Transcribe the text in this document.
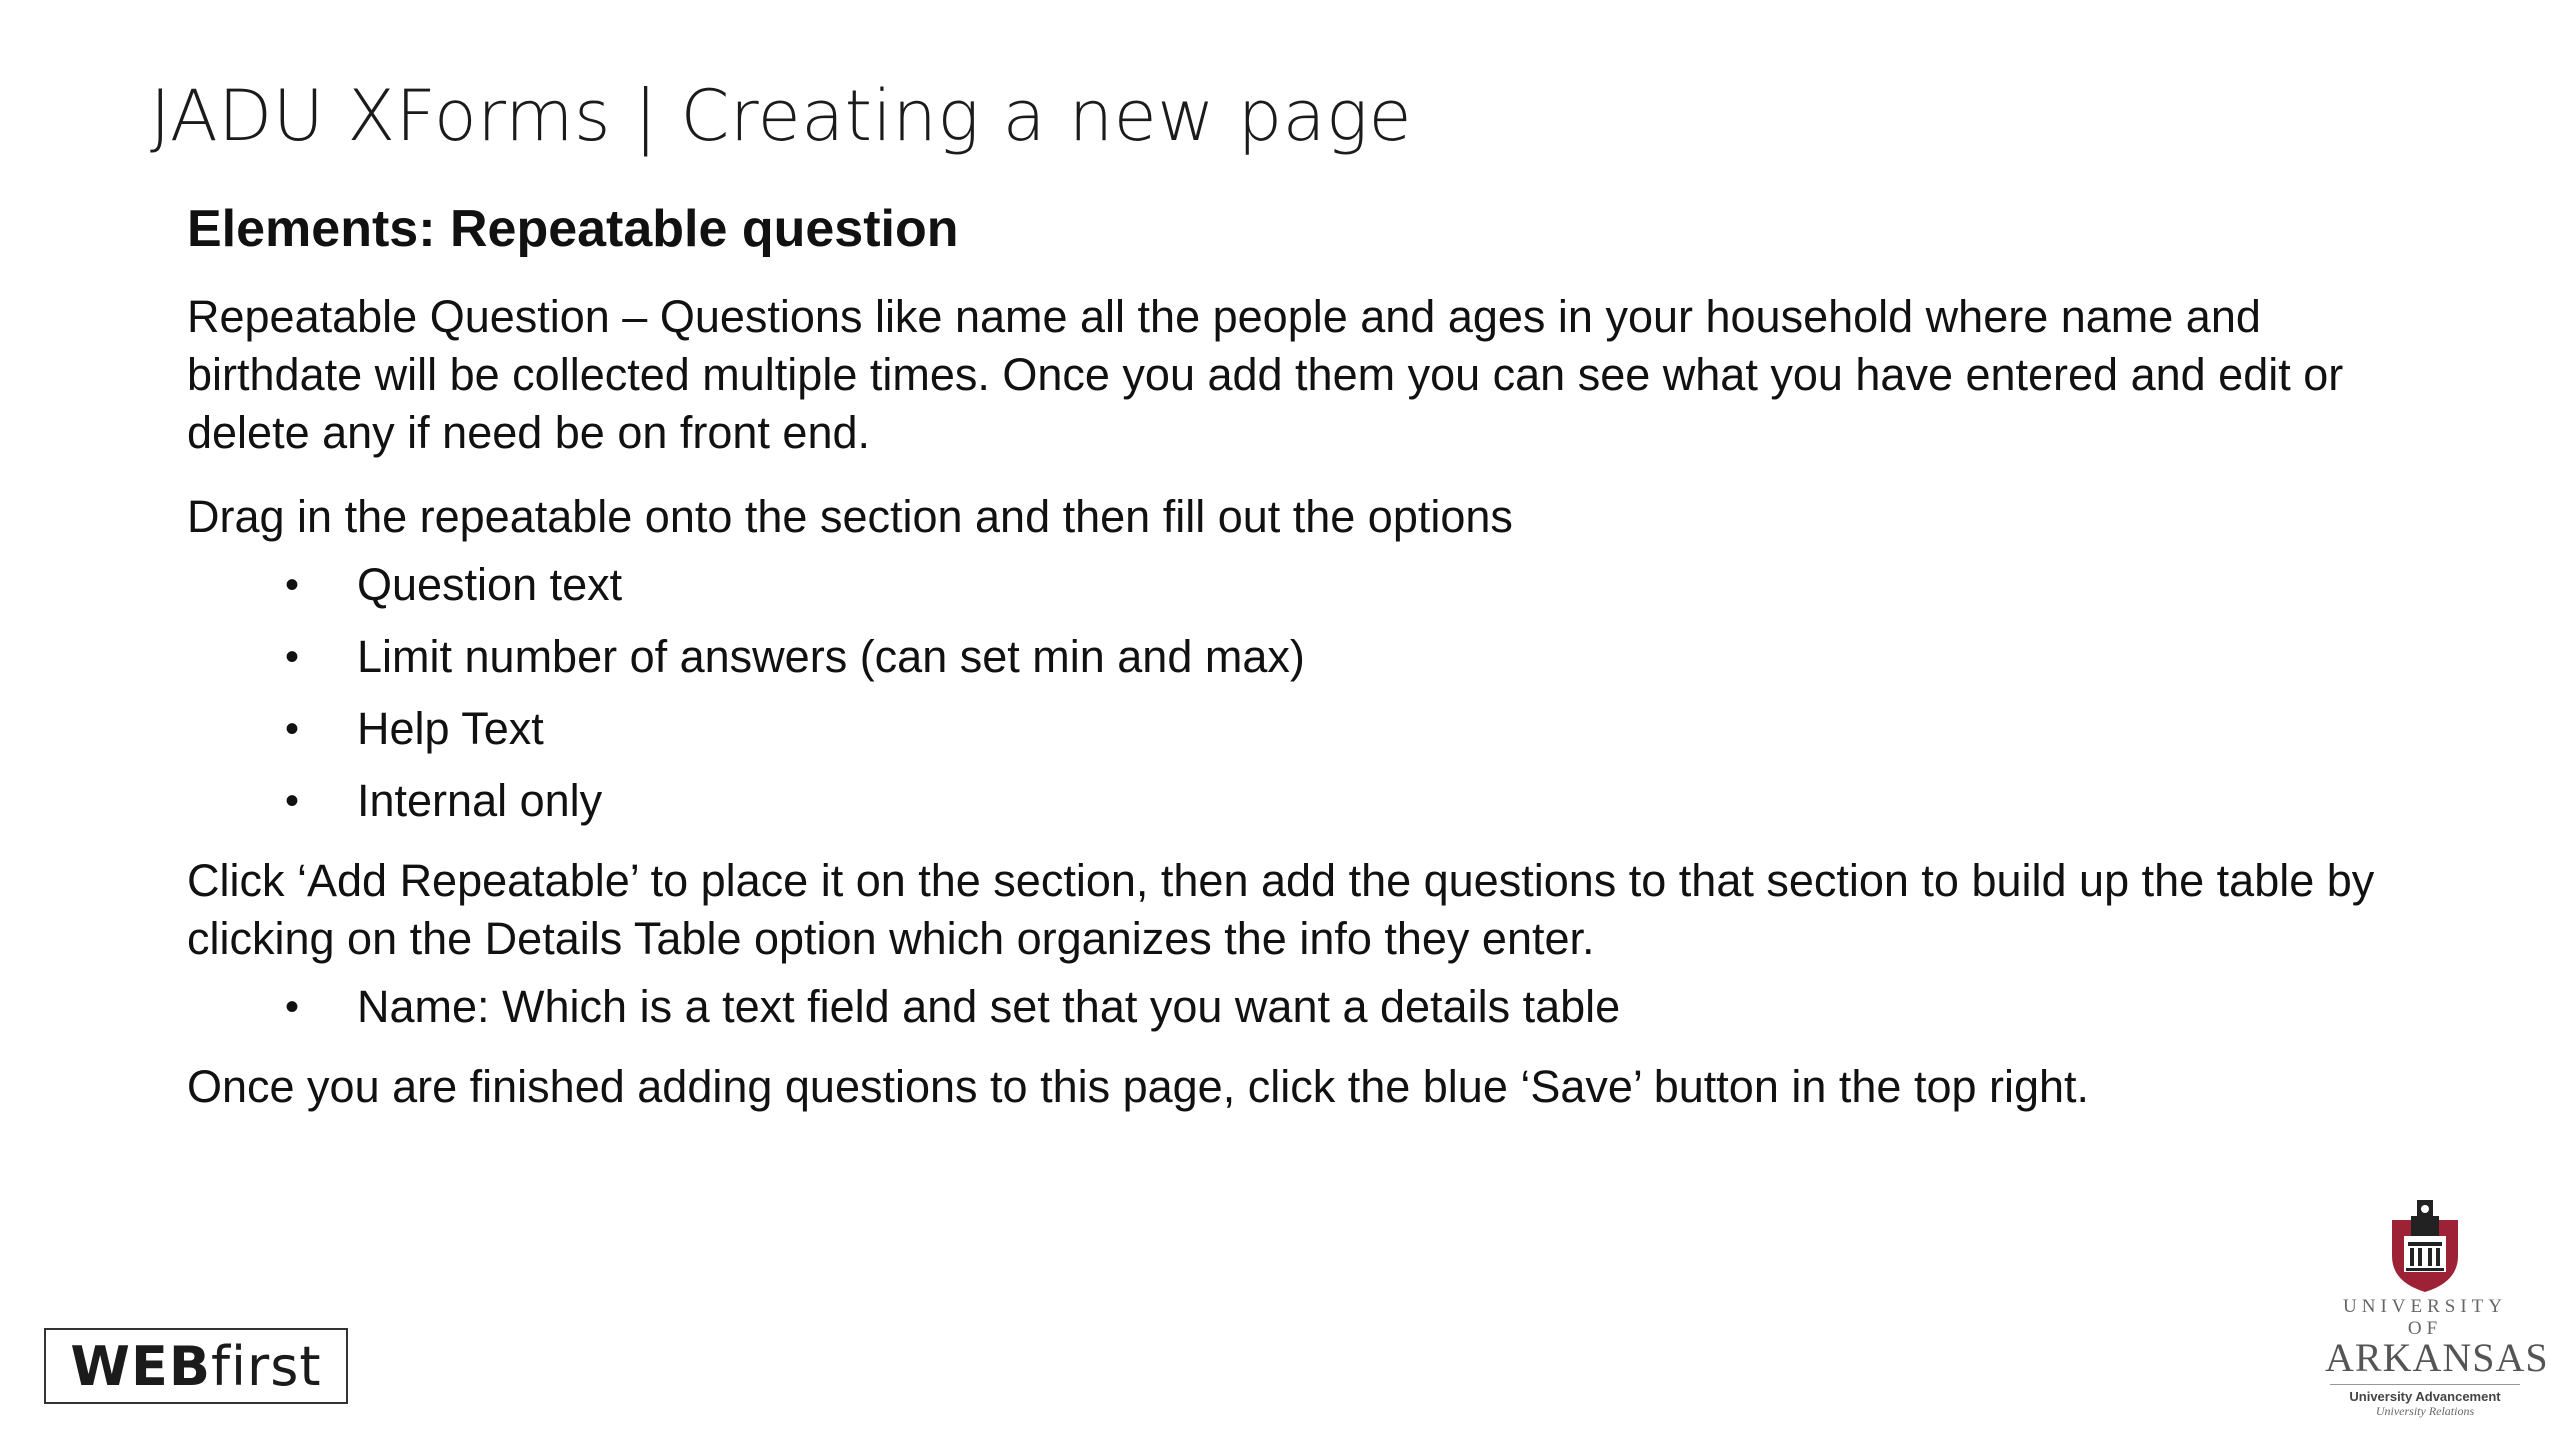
JADU XForms | Creating a new page
Elements: Repeatable question

Repeatable Question – Questions like name all the people and ages in your household where name and birthdate will be collected multiple times. Once you add them you can see what you have entered and edit or delete any if need be on front end.

Drag in the repeatable onto the section and then fill out the options

• Question text
• Limit number of answers (can set min and max)
• Help Text
• Internal only

Click ‘Add Repeatable’ to place it on the section, then add the questions to that section to build up the table by clicking on the Details Table option which organizes the info they enter.

• Name: Which is a text field and set that you want a details table

Once you are finished adding questions to this page, click the blue ‘Save’ button in the top right.

WEB first
UNIVERSITY OF
ARKANSAS
University Advancement
University Relations
